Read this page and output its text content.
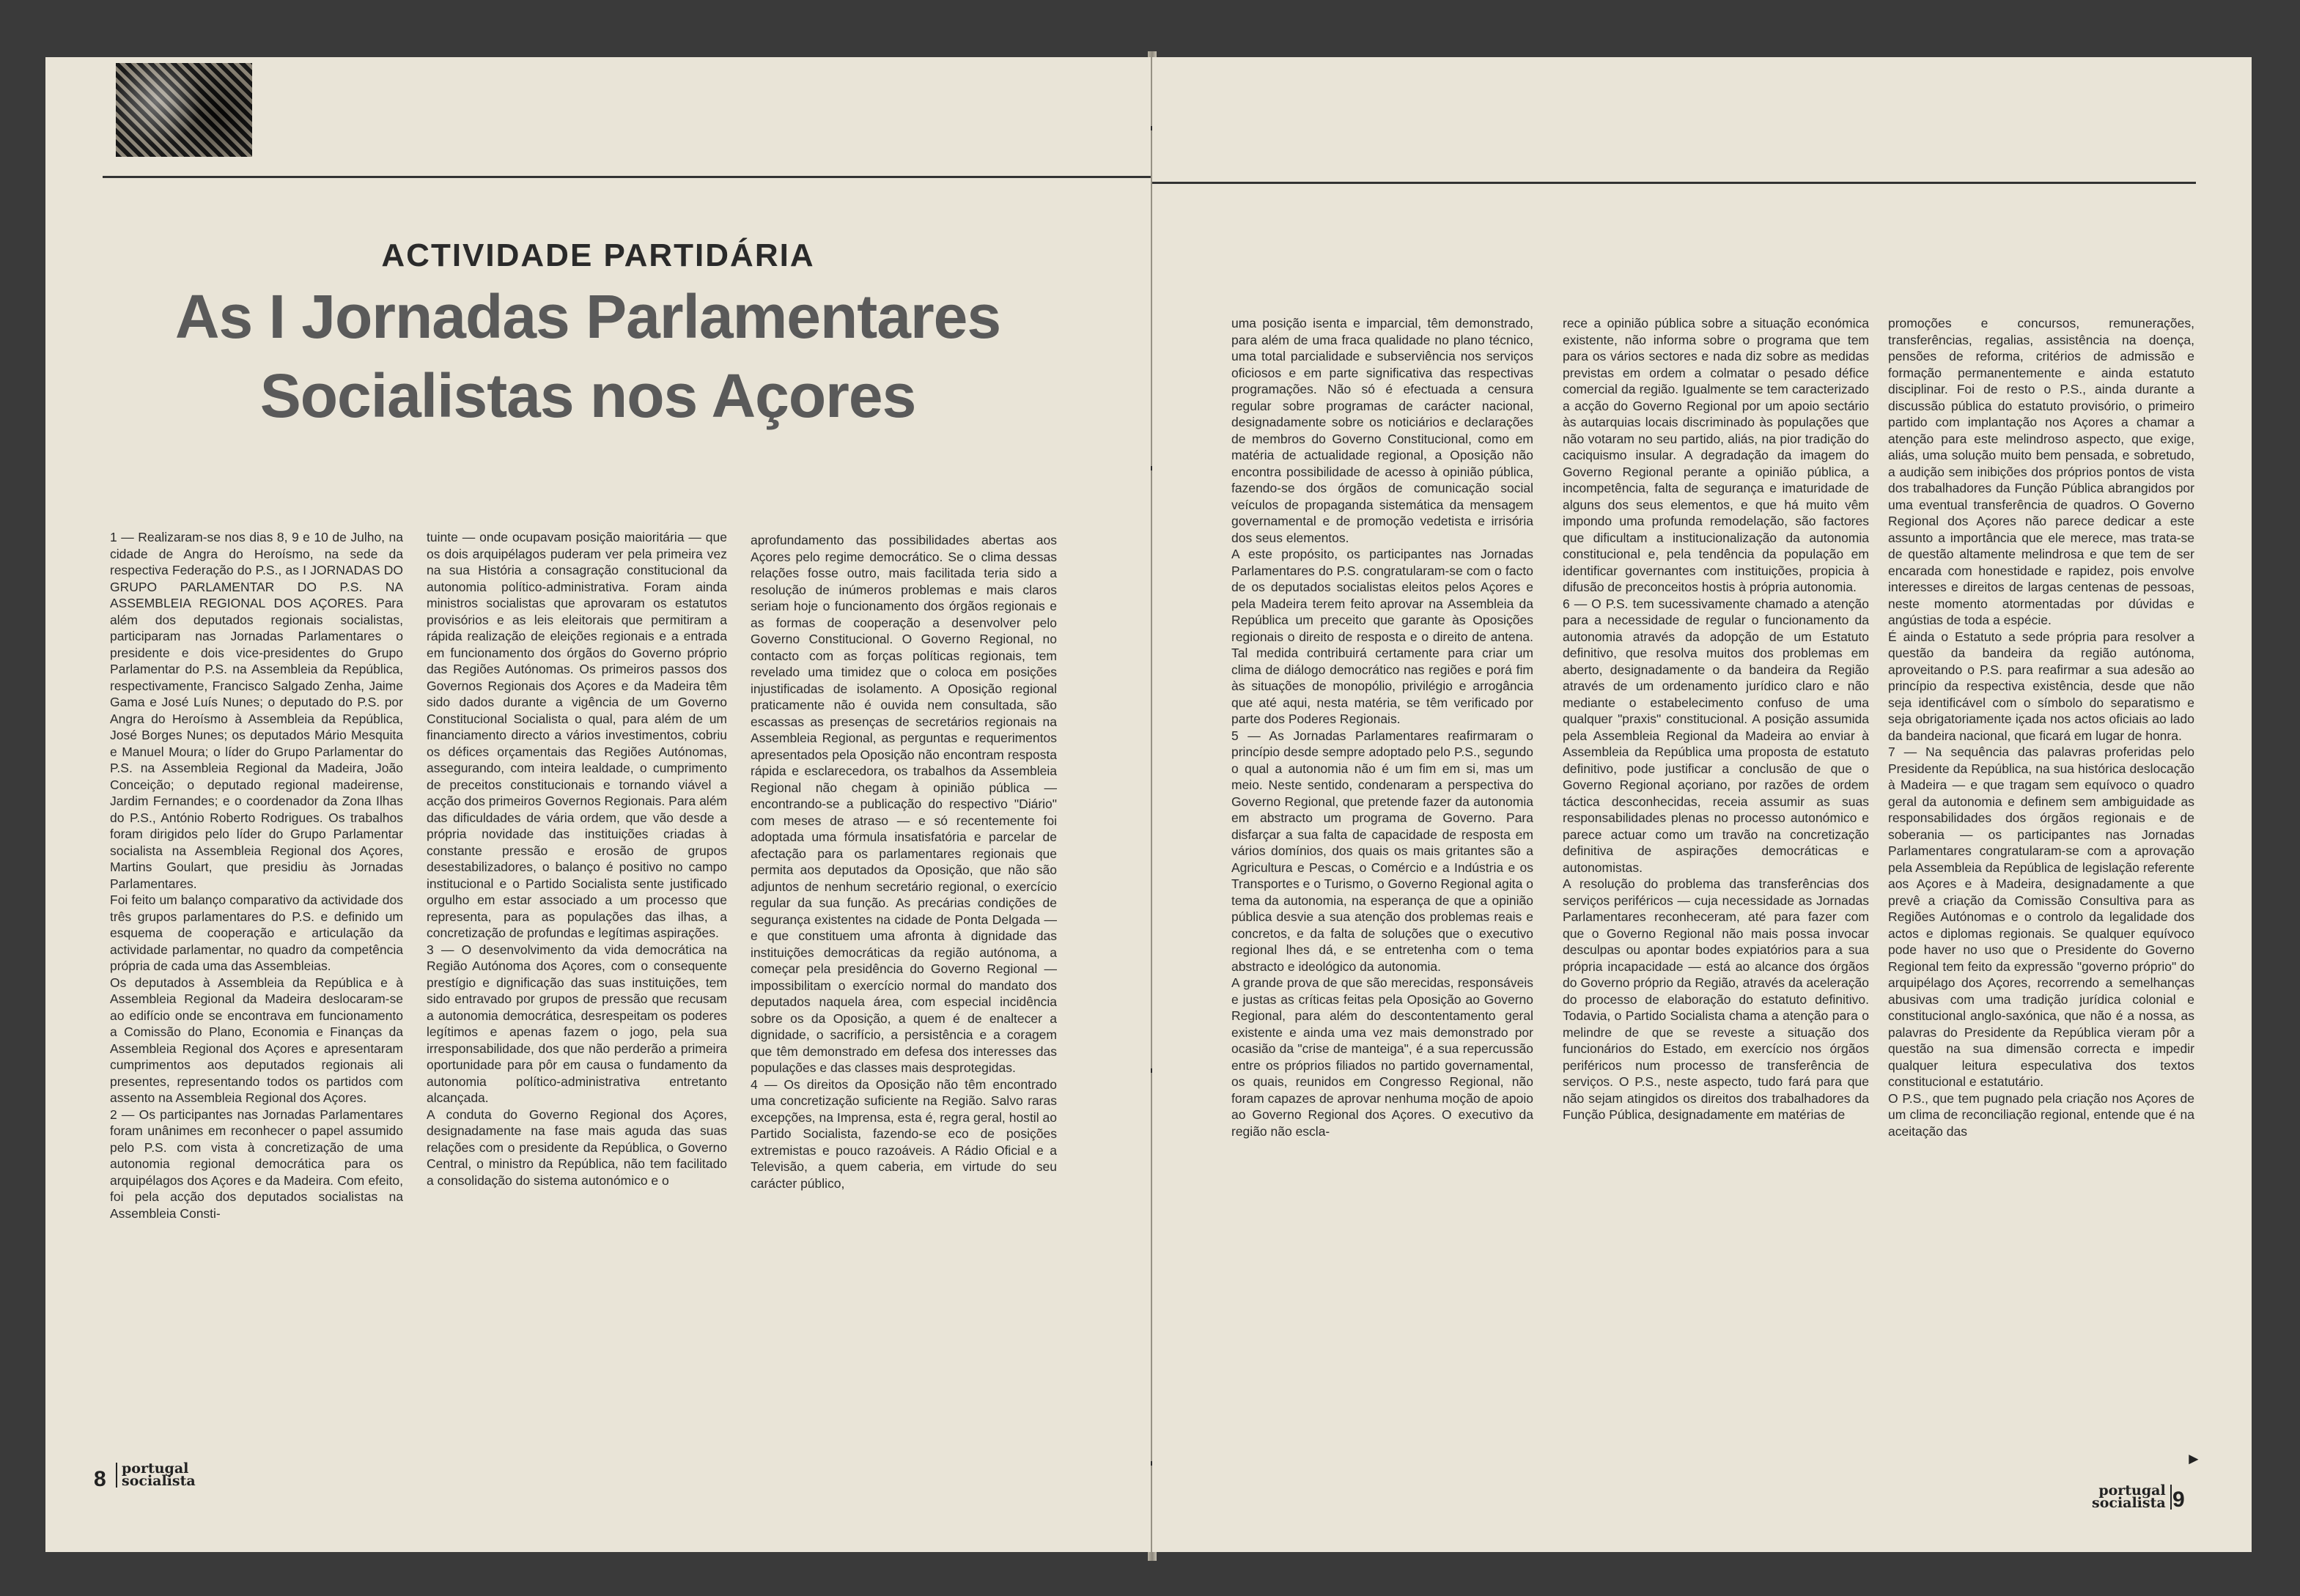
ACTIVIDADE PARTIDÁRIA
As I Jornadas Parlamentares
Socialistas nos Açores
1 — Realizaram-se nos dias 8, 9 e 10 de Julho, na cidade de Angra do Heroísmo, na sede da respectiva Federação do P.S., as I JORNADAS DO GRUPO PARLAMENTAR DO P.S. NA ASSEMBLEIA REGIONAL DOS AÇORES. Para além dos deputados regionais socialistas, participaram nas Jornadas Parlamentares o presidente e dois vice-presidentes do Grupo Parlamentar do P.S. na Assembleia da República, respectivamente, Francisco Salgado Zenha, Jaime Gama e José Luís Nunes; o deputado do P.S. por Angra do Heroísmo à Assembleia da República, José Borges Nunes; os deputados Mário Mesquita e Manuel Moura; o líder do Grupo Parlamentar do P.S. na Assembleia Regional da Madeira, João Conceição; o deputado regional madeirense, Jardim Fernandes; e o coordenador da Zona Ilhas do P.S., António Roberto Rodrigues. Os trabalhos foram dirigidos pelo líder do Grupo Parlamentar socialista na Assembleia Regional dos Açores, Martins Goulart, que presidiu às Jornadas Parlamentares.
Foi feito um balanço comparativo da actividade dos três grupos parlamentares do P.S. e definido um esquema de cooperação e articulação da actividade parlamentar, no quadro da competência própria de cada uma das Assembleias.
Os deputados à Assembleia da República e à Assembleia Regional da Madeira deslocaram-se ao edifício onde se encontrava em funcionamento a Comissão do Plano, Economia e Finanças da Assembleia Regional dos Açores e apresentaram cumprimentos aos deputados regionais ali presentes, representando todos os partidos com assento na Assembleia Regional dos Açores.
2 — Os participantes nas Jornadas Parlamentares foram unânimes em reconhecer o papel assumido pelo P.S. com vista à concretização de uma autonomia regional democrática para os arquipélagos dos Açores e da Madeira. Com efeito, foi pela acção dos deputados socialistas na Assembleia Consti-
tuinte — onde ocupavam posição maioritária — que os dois arquipélagos puderam ver pela primeira vez na sua História a consagração constitucional da autonomia político-administrativa. Foram ainda ministros socialistas que aprovaram os estatutos provisórios e as leis eleitorais que permitiram a rápida realização de eleições regionais e a entrada em funcionamento dos órgãos do Governo próprio das Regiões Autónomas. Os primeiros passos dos Governos Regionais dos Açores e da Madeira têm sido dados durante a vigência de um Governo Constitucional Socialista o qual, para além de um financiamento directo a vários investimentos, cobriu os défices orçamentais das Regiões Autónomas, assegurando, com inteira lealdade, o cumprimento de preceitos constitucionais e tornando viável a acção dos primeiros Governos Regionais. Para além das dificuldades de vária ordem, que vão desde a própria novidade das instituições criadas à constante pressão e erosão de grupos desestabilizadores, o balanço é positivo no campo institucional e o Partido Socialista sente justificado orgulho em estar associado a um processo que representa, para as populações das ilhas, a concretização de profundas e legítimas aspirações.
3 — O desenvolvimento da vida democrática na Região Autónoma dos Açores, com o consequente prestígio e dignificação das suas instituições, tem sido entravado por grupos de pressão que recusam a autonomia democrática, desrespeitam os poderes legítimos e apenas fazem o jogo, pela sua irresponsabilidade, dos que não perderão a primeira oportunidade para pôr em causa o fundamento da autonomia político-administrativa entretanto alcançada.
A conduta do Governo Regional dos Açores, designadamente na fase mais aguda das suas relações com o presidente da República, o Governo Central, o ministro da República, não tem facilitado a consolidação do sistema autonómico e o
aprofundamento das possibilidades abertas aos Açores pelo regime democrático. Se o clima dessas relações fosse outro, mais facilitada teria sido a resolução de inúmeros problemas e mais claros seriam hoje o funcionamento dos órgãos regionais e as formas de cooperação a desenvolver pelo Governo Constitucional. O Governo Regional, no contacto com as forças políticas regionais, tem revelado uma timidez que o coloca em posições injustificadas de isolamento. A Oposição regional praticamente não é ouvida nem consultada, são escassas as presenças de secretários regionais na Assembleia Regional, as perguntas e requerimentos apresentados pela Oposição não encontram resposta rápida e esclarecedora, os trabalhos da Assembleia Regional não chegam à opinião pública — encontrando-se a publicação do respectivo "Diário" com meses de atraso — e só recentemente foi adoptada uma fórmula insatisfatória e parcelar de afectação para os parlamentares regionais que permita aos deputados da Oposição, que não são adjuntos de nenhum secretário regional, o exercício regular da sua função. As precárias condições de segurança existentes na cidade de Ponta Delgada — e que constituem uma afronta à dignidade das instituições democráticas da região autónoma, a começar pela presidência do Governo Regional — impossibilitam o exercício normal do mandato dos deputados naquela área, com especial incidência sobre os da Oposição, a quem é de enaltecer a dignidade, o sacrifício, a persistência e a coragem que têm demonstrado em defesa dos interesses das populações e das classes mais desprotegidas.
4 — Os direitos da Oposição não têm encontrado uma concretização suficiente na Região. Salvo raras excepções, na Imprensa, esta é, regra geral, hostil ao Partido Socialista, fazendo-se eco de posições extremistas e pouco razoáveis. A Rádio Oficial e a Televisão, a quem caberia, em virtude do seu carácter público,
8 portugal
socialista
uma posição isenta e imparcial, têm demonstrado, para além de uma fraca qualidade no plano técnico, uma total parcialidade e subserviência nos serviços oficiosos e em parte significativa das respectivas programações. Não só é efectuada a censura regular sobre programas de carácter nacional, designadamente sobre os noticiários e declarações de membros do Governo Constitucional, como em matéria de actualidade regional, a Oposição não encontra possibilidade de acesso à opinião pública, fazendo-se dos órgãos de comunicação social veículos de propaganda sistemática da mensagem governamental e de promoção vedetista e irrisória dos seus elementos.
A este propósito, os participantes nas Jornadas Parlamentares do P.S. congratularam-se com o facto de os deputados socialistas eleitos pelos Açores e pela Madeira terem feito aprovar na Assembleia da República um preceito que garante às Oposições regionais o direito de resposta e o direito de antena. Tal medida contribuirá certamente para criar um clima de diálogo democrático nas regiões e porá fim às situações de monopólio, privilégio e arrogância que até aqui, nesta matéria, se têm verificado por parte dos Poderes Regionais.
5 — As Jornadas Parlamentares reafirmaram o princípio desde sempre adoptado pelo P.S., segundo o qual a autonomia não é um fim em si, mas um meio. Neste sentido, condenaram a perspectiva do Governo Regional, que pretende fazer da autonomia em abstracto um programa de Governo. Para disfarçar a sua falta de capacidade de resposta em vários domínios, dos quais os mais gritantes são a Agricultura e Pescas, o Comércio e a Indústria e os Transportes e o Turismo, o Governo Regional agita o tema da autonomia, na esperança de que a opinião pública desvie a sua atenção dos problemas reais e concretos, e da falta de soluções que o executivo regional lhes dá, e se entretenha com o tema abstracto e ideológico da autonomia.
A grande prova de que são merecidas, responsáveis e justas as críticas feitas pela Oposição ao Governo Regional, para além do descontentamento geral existente e ainda uma vez mais demonstrado por ocasião da "crise de manteiga", é a sua repercussão entre os próprios filiados no partido governamental, os quais, reunidos em Congresso Regional, não foram capazes de aprovar nenhuma moção de apoio ao Governo Regional dos Açores. O executivo da região não escla-
rece a opinião pública sobre a situação económica existente, não informa sobre o programa que tem para os vários sectores e nada diz sobre as medidas previstas em ordem a colmatar o pesado défice comercial da região. Igualmente se tem caracterizado a acção do Governo Regional por um apoio sectário às autarquias locais discriminado às populações que não votaram no seu partido, aliás, na pior tradição do caciquismo insular. A degradação da imagem do Governo Regional perante a opinião pública, a incompetência, falta de segurança e imaturidade de alguns dos seus elementos, e que há muito vêm impondo uma profunda remodelação, são factores que dificultam a institucionalização da autonomia constitucional e, pela tendência da população em identificar governantes com instituições, propicia à difusão de preconceitos hostis à própria autonomia.
6 — O P.S. tem sucessivamente chamado a atenção para a necessidade de regular o funcionamento da autonomia através da adopção de um Estatuto definitivo, que resolva muitos dos problemas em aberto, designadamente o da bandeira da Região através de um ordenamento jurídico claro e não mediante o estabelecimento confuso de uma qualquer "praxis" constitucional. A posição assumida pela Assembleia Regional da Madeira ao enviar à Assembleia da República uma proposta de estatuto definitivo, pode justificar a conclusão de que o Governo Regional açoriano, por razões de ordem táctica desconhecidas, receia assumir as suas responsabilidades plenas no processo autonómico e parece actuar como um travão na concretização definitiva de aspirações democráticas e autonomistas.
A resolução do problema das transferências dos serviços periféricos — cuja necessidade as Jornadas Parlamentares reconheceram, até para fazer com que o Governo Regional não mais possa invocar desculpas ou apontar bodes expiatórios para a sua própria incapacidade — está ao alcance dos órgãos do Governo próprio da Região, através da aceleração do processo de elaboração do estatuto definitivo. Todavia, o Partido Socialista chama a atenção para o melindre de que se reveste a situação dos funcionários do Estado, em exercício nos órgãos periféricos num processo de transferência de serviços. O P.S., neste aspecto, tudo fará para que não sejam atingidos os direitos dos trabalhadores da Função Pública, designadamente em matérias de
promoções e concursos, remunerações, transferências, regalias, assistência na doença, pensões de reforma, critérios de admissão e formação permanentemente e ainda estatuto disciplinar. Foi de resto o P.S., ainda durante a discussão pública do estatuto provisório, o primeiro partido com implantação nos Açores a chamar a atenção para este melindroso aspecto, que exige, aliás, uma solução muito bem pensada, e sobretudo, a audição sem inibições dos próprios pontos de vista dos trabalhadores da Função Pública abrangidos por uma eventual transferência de quadros. O Governo Regional dos Açores não parece dedicar a este assunto a importância que ele merece, mas trata-se de questão altamente melindrosa e que tem de ser encarada com honestidade e rapidez, pois envolve interesses e direitos de largas centenas de pessoas, neste momento atormentadas por dúvidas e angústias de toda a espécie.
É ainda o Estatuto a sede própria para resolver a questão da bandeira da região autónoma, aproveitando o P.S. para reafirmar a sua adesão ao princípio da respectiva existência, desde que não seja identificável com o símbolo do separatismo e seja obrigatoriamente içada nos actos oficiais ao lado da bandeira nacional, que ficará em lugar de honra.
7 — Na sequência das palavras proferidas pelo Presidente da República, na sua histórica deslocação à Madeira — e que tragam sem equívoco o quadro geral da autonomia e definem sem ambiguidade as responsabilidades dos órgãos regionais e de soberania — os participantes nas Jornadas Parlamentares congratularam-se com a aprovação pela Assembleia da República de legislação referente aos Açores e à Madeira, designadamente a que prevê a criação da Comissão Consultiva para as Regiões Autónomas e o controlo da legalidade dos actos e diplomas regionais. Se qualquer equívoco pode haver no uso que o Presidente do Governo Regional tem feito da expressão "governo próprio" do arquipélago dos Açores, recorrendo a semelhanças abusivas com uma tradição jurídica colonial e constitucional anglo-saxónica, que não é a nossa, as palavras do Presidente da República vieram pôr a questão na sua dimensão correcta e impedir qualquer leitura especulativa dos textos constitucional e estatutário.
O P.S., que tem pugnado pela criação nos Açores de um clima de reconciliação regional, entende que é na aceitação das
►
portugal
socialista 9
